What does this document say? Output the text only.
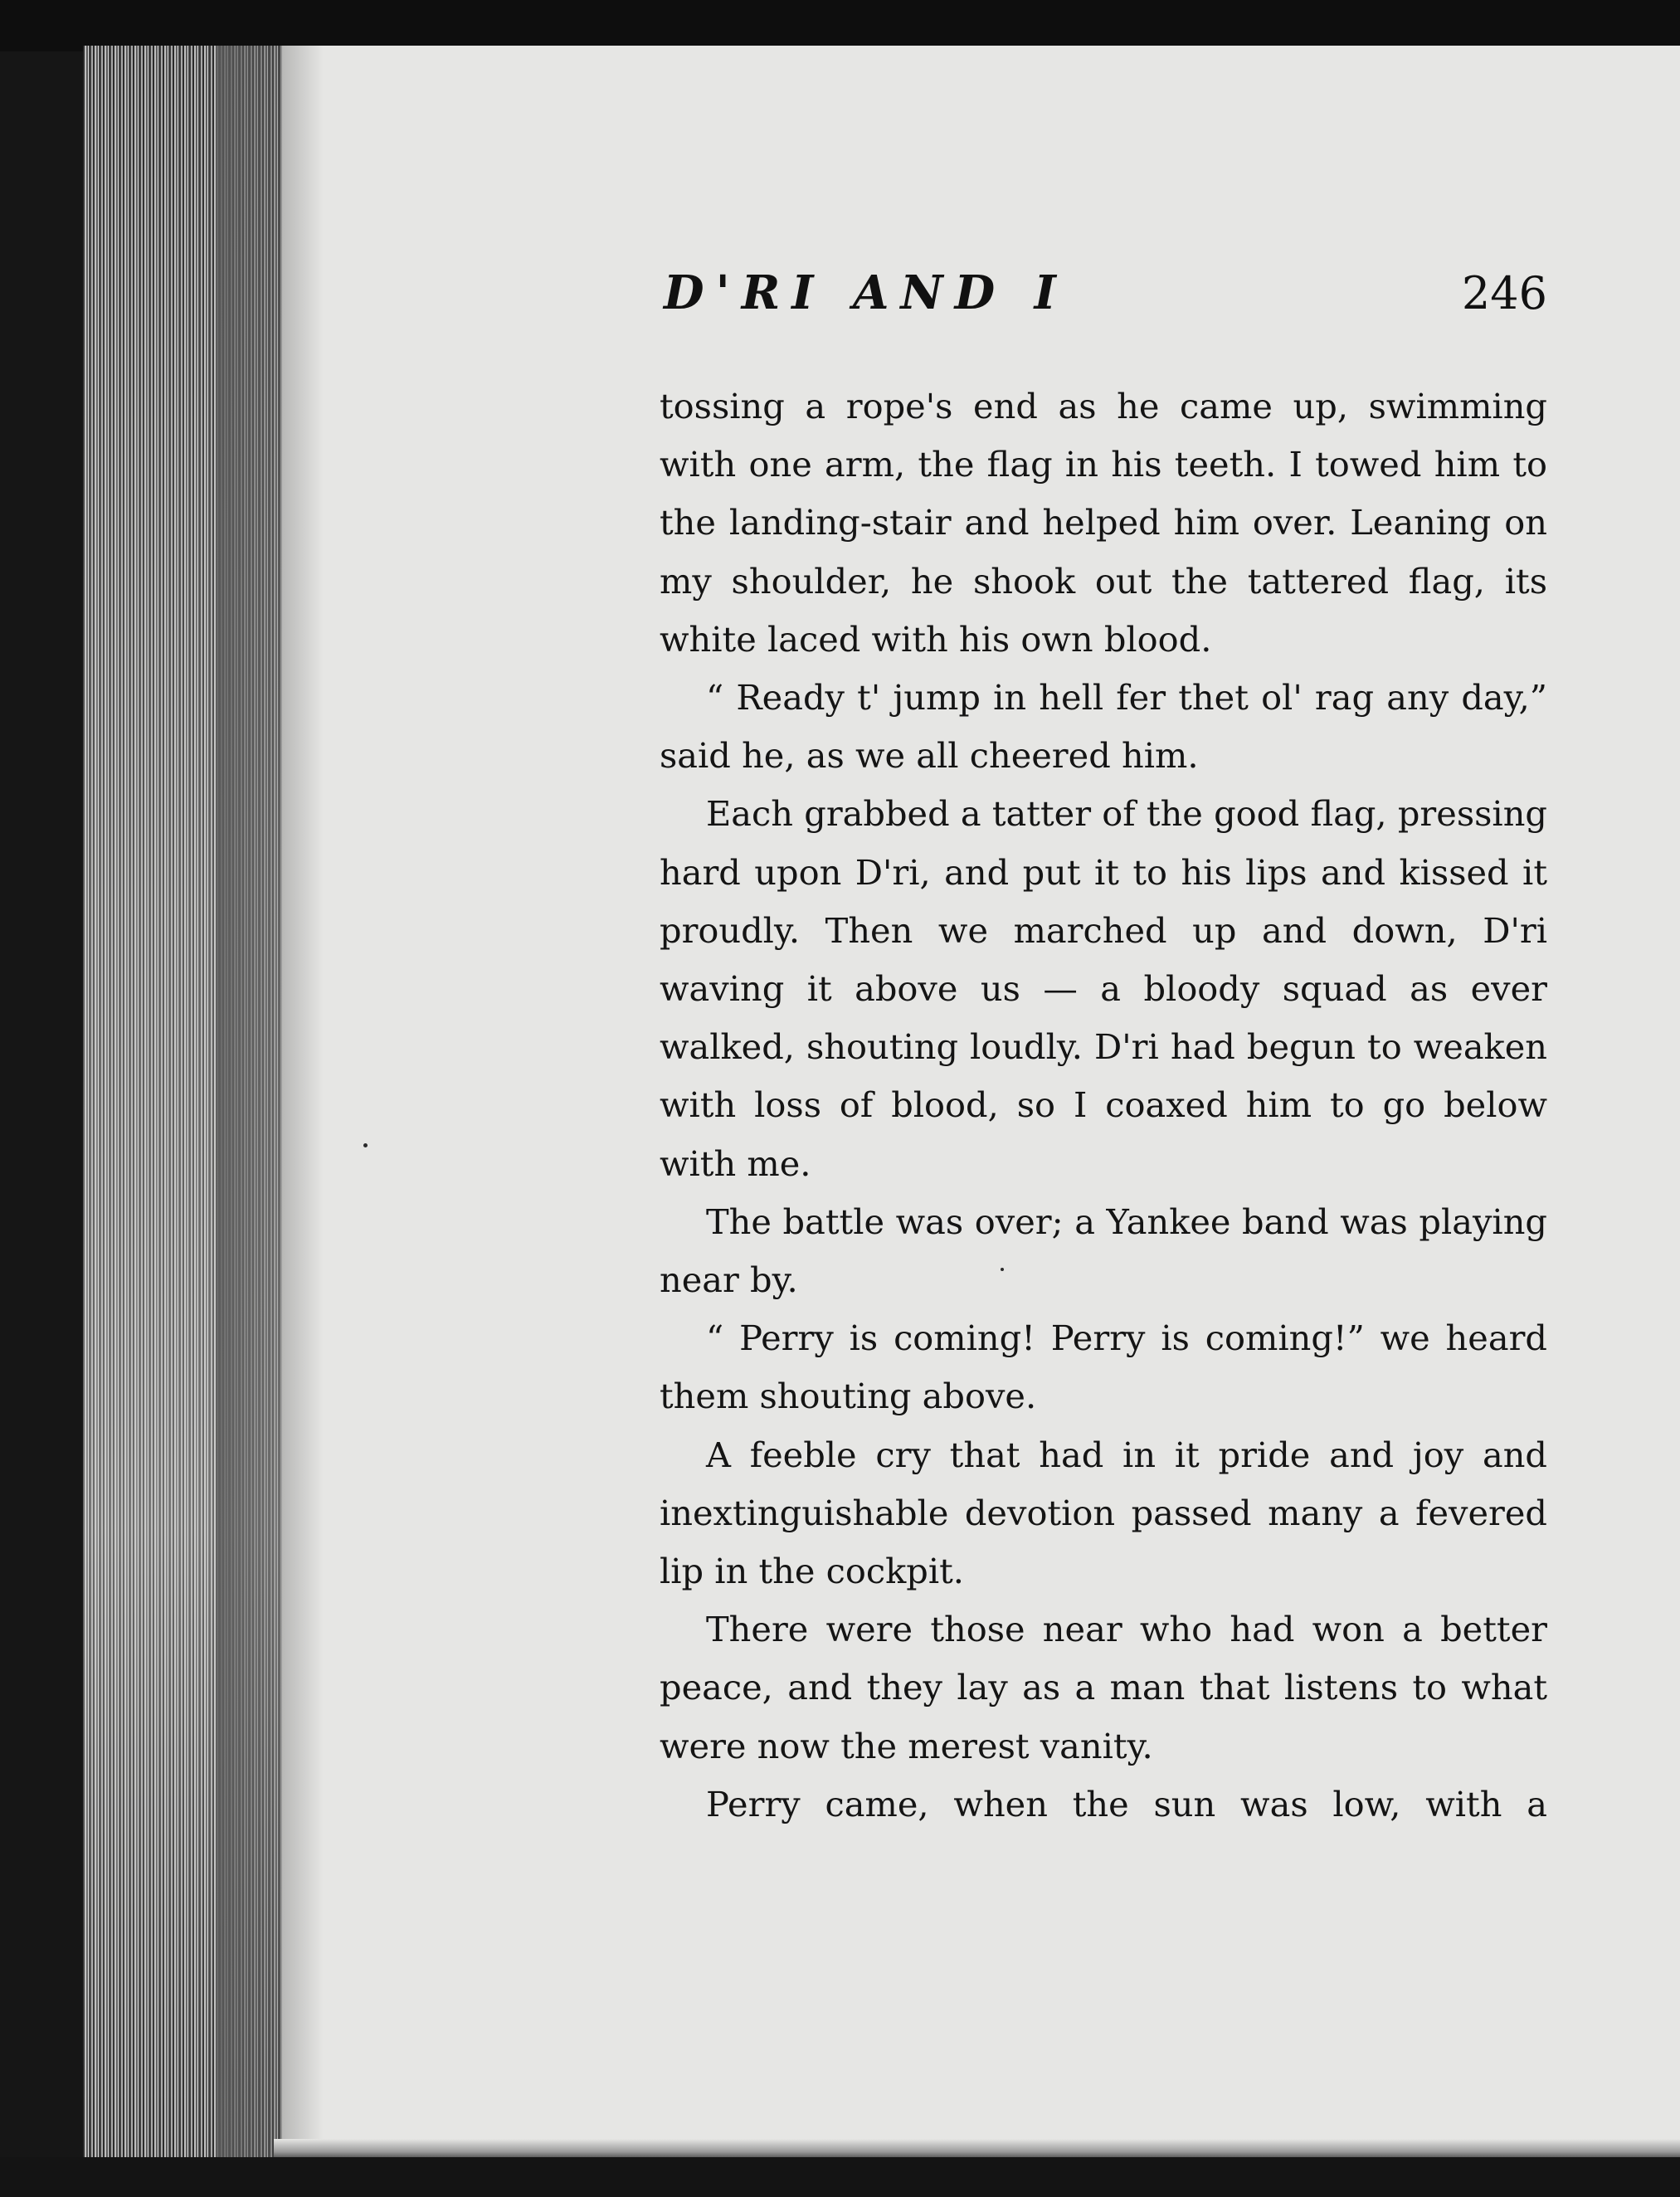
D'RI AND I	246

tossing a rope's end as he came up, swimming with one arm, the flag in his teeth. I towed him to the landing-stair and helped him over. Leaning on my shoulder, he shook out the tattered flag, its white laced with his own blood.

“ Ready t' jump in hell fer thet ol' rag any day,” said he, as we all cheered him.

Each grabbed a tatter of the good flag, pressing hard upon D'ri, and put it to his lips and kissed it proudly. Then we marched up and down, D'ri waving it above us — a bloody squad as ever walked, shouting loudly. D'ri had begun to weaken with loss of blood, so I coaxed him to go below with me.

The battle was over; a Yankee band was playing near by.

“ Perry is coming! Perry is coming!” we heard them shouting above.

A feeble cry that had in it pride and joy and inextinguishable devotion passed many a fevered lip in the cockpit.

There were those near who had won a better peace, and they lay as a man that listens to what were now the merest vanity.

Perry came, when the sun was low, with a
